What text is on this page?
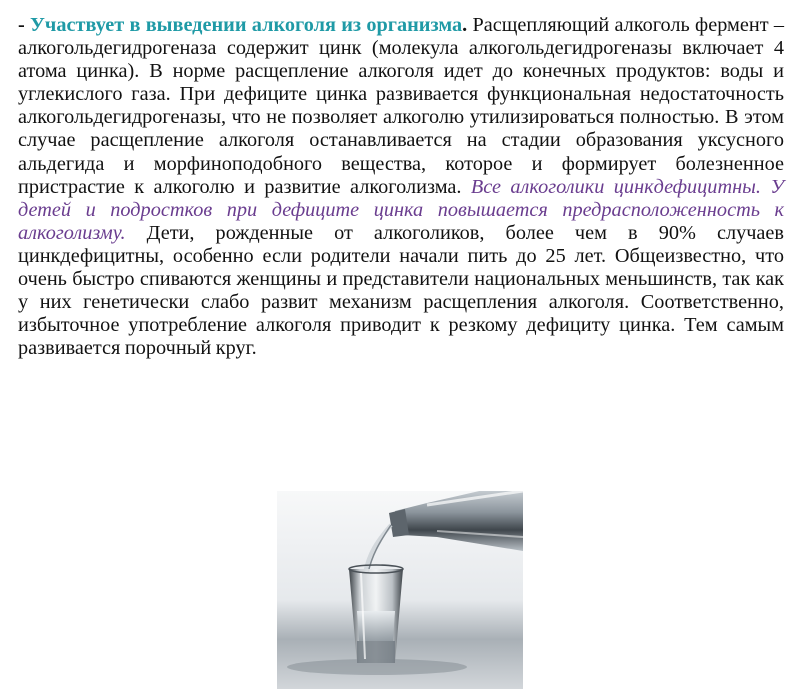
- Участвует в выведении алкоголя из организма. Расщепляющий алкоголь фермент – алкогольдегидрогеназа содержит цинк (молекула алкогольдегидрогеназы включает 4 атома цинка). В норме расщепление алкоголя идет до конечных продуктов: воды и углекислого газа. При дефиците цинка развивается функциональная недостаточность алкогольдегидрогеназы, что не позволяет алкоголю утилизироваться полностью. В этом случае расщепление алкоголя останавливается на стадии образования уксусного альдегида и морфиноподобного вещества, которое и формирует болезненное пристрастие к алкоголю и развитие алкоголизма. Все алкоголики цинкдефицитны. У детей и подростков при дефиците цинка повышается предрасположенность к алкоголизму. Дети, рожденные от алкоголиков, более чем в 90% случаев цинкдефицитны, особенно если родители начали пить до 25 лет. Общеизвестно, что очень быстро спиваются женщины и представители национальных меньшинств, так как у них генетически слабо развит механизм расщепления алкоголя. Соответственно, избыточное употребление алкоголя приводит к резкому дефициту цинка. Тем самым развивается порочный круг.
